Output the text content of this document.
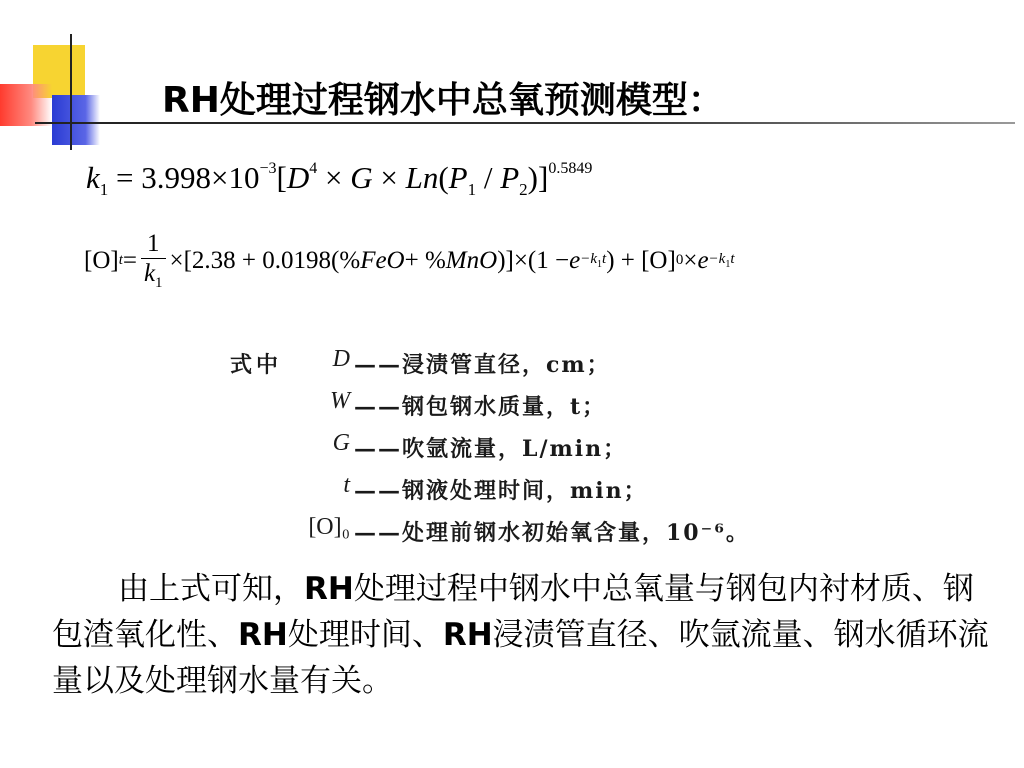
RH处理过程钢水中总氧预测模型：
$k_1 = 3.998\times 10^{-3}[D^4 \times G \times Ln(P_1 / P_2)]^{0.5849}$
[O] $t = \frac{1}{k_1} \times[2.38 + 0.0198(\%$ FeO + % MnO )]$\times(1 - e -k_1t$ ) + [O] $0 \times e -k_1t$
式中	D ——浸渍管直径，cm；
W ——钢包钢水质量，t；
G ——吹氩流量，L/min；
t ——钢液处理时间，min；
[O]₀ ——处理前钢水初始氧含量，10⁻⁶。
由上式可知，RH处理过程中钢水中总氧量与钢包内衬材质、钢包渣氧化性、RH处理时间、RH浸渍管直径、吹氩流量、钢水循环流量以及处理钢水量有关。
